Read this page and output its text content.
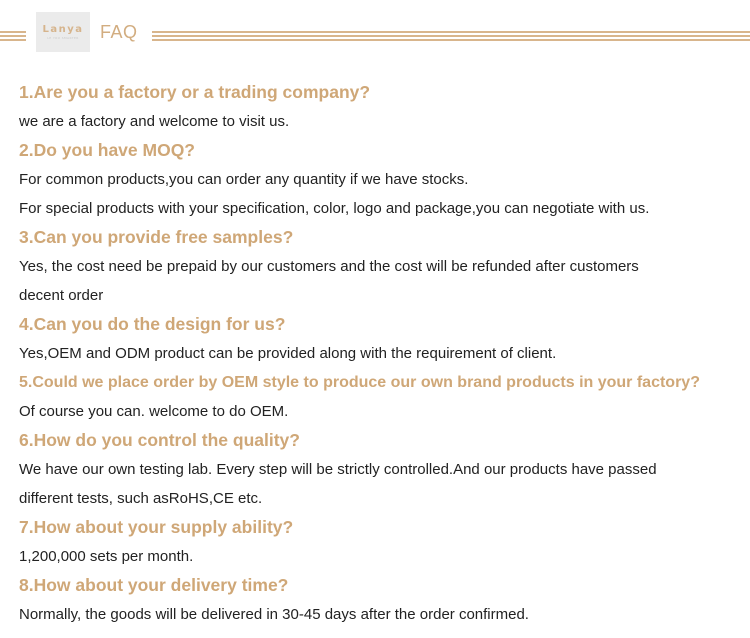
Lanya
LE YOU SMARTER FAQ
1.Are you a factory or a trading company?
we are a factory and welcome to visit us.
2.Do you have MOQ?
For common products,you can order any quantity if we have stocks.
For special products with your specification, color, logo and package,you can negotiate with us.
3.Can you provide free samples?
Yes, the cost need be prepaid by our customers and the cost will be refunded after customers
decent order
4.Can you do the design for us?
Yes,OEM and ODM product can be provided along with the requirement of client.
5.Could we place order by OEM style to produce our own brand products in your factory?
Of course you can. welcome to do OEM.
6.How do you control the quality?
We have our own testing lab. Every step will be strictly controlled.And our products have passed
different tests, such asRoHS,CE etc.
7.How about your supply ability?
1,200,000 sets per month.
8.How about your delivery time?
Normally, the goods will be delivered in 30-45 days after the order confirmed.
